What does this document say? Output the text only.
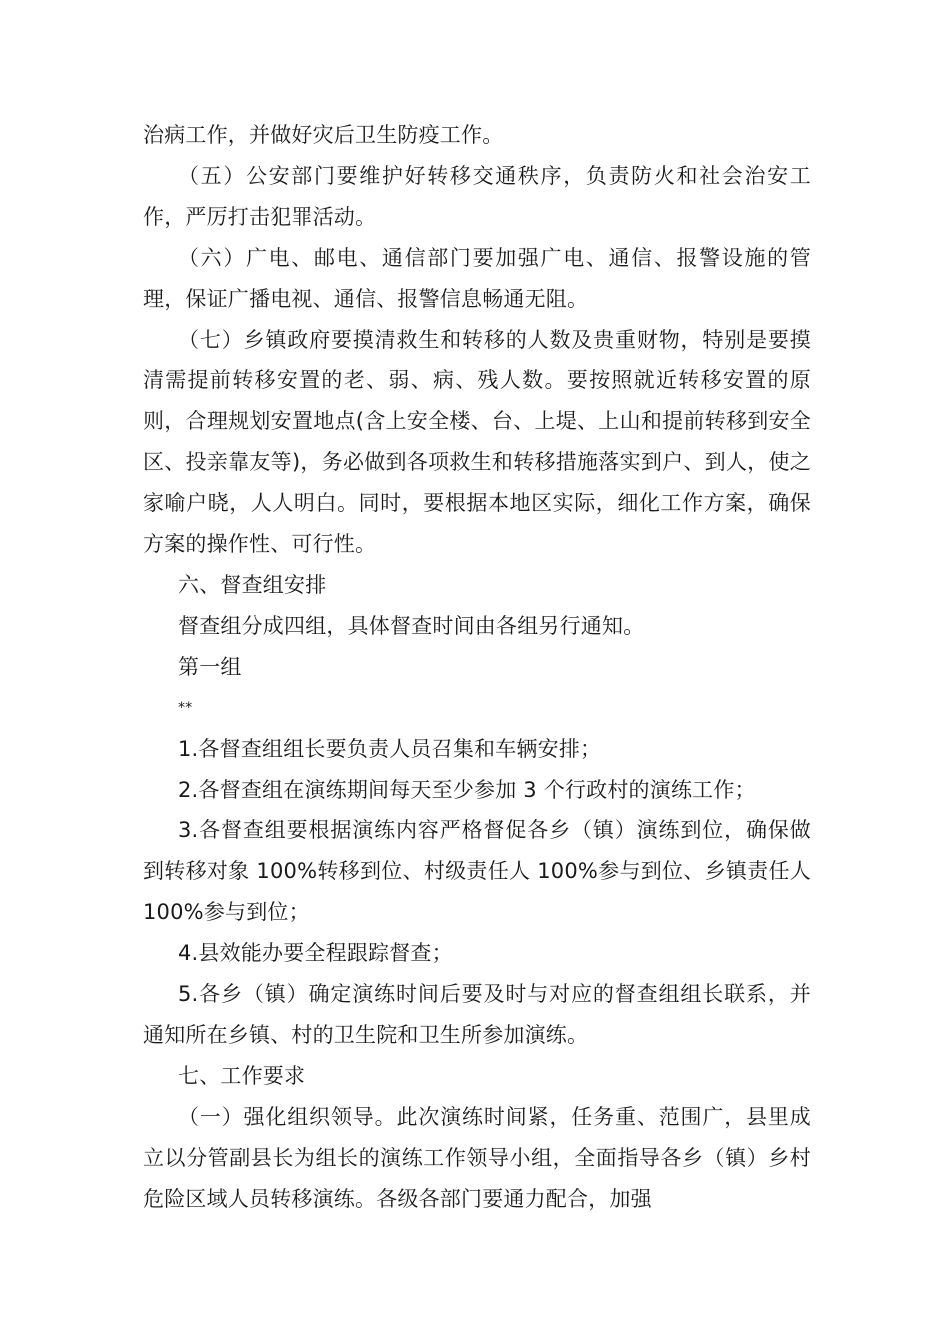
治病工作，并做好灾后卫生防疫工作。

（五）公安部门要维护好转移交通秩序，负责防火和社会治安工作，严厉打击犯罪活动。

（六）广电、邮电、通信部门要加强广电、通信、报警设施的管理，保证广播电视、通信、报警信息畅通无阻。

（七）乡镇政府要摸清救生和转移的人数及贵重财物，特别是要摸清需提前转移安置的老、弱、病、残人数。要按照就近转移安置的原则，合理规划安置地点(含上安全楼、台、上堤、上山和提前转移到安全区、投亲靠友等)，务必做到各项救生和转移措施落实到户、到人，使之家喻户晓，人人明白。同时，要根据本地区实际，细化工作方案，确保方案的操作性、可行性。

六、督查组安排

督查组分成四组，具体督查时间由各组另行通知。

第一组

**

1.各督查组组长要负责人员召集和车辆安排；

2.各督查组在演练期间每天至少参加 3 个行政村的演练工作；

3.各督查组要根据演练内容严格督促各乡（镇）演练到位，确保做到转移对象 100%转移到位、村级责任人 100%参与到位、乡镇责任人 100%参与到位；

4.县效能办要全程跟踪督查；

5.各乡（镇）确定演练时间后要及时与对应的督查组组长联系，并通知所在乡镇、村的卫生院和卫生所参加演练。

七、工作要求

（一）强化组织领导。此次演练时间紧，任务重、范围广，县里成立以分管副县长为组长的演练工作领导小组，全面指导各乡（镇）乡村危险区域人员转移演练。各级各部门要通力配合，加强
